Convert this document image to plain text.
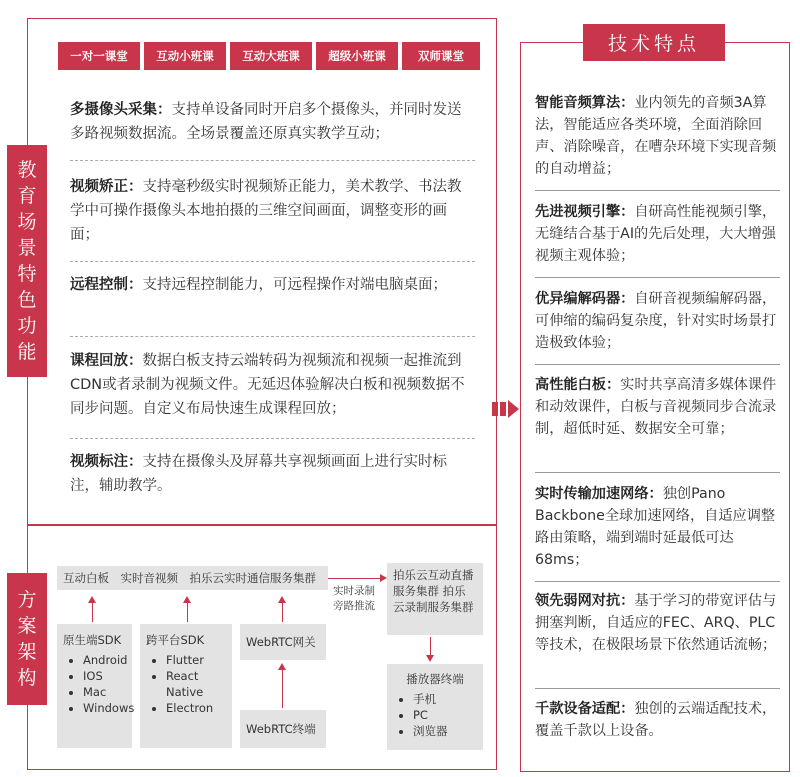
教育场景特色功能
一对一课堂 互动小班课 互动大班课 超级小班课	双师课堂
多摄像头采集：支持单设备同时开启多个摄像头，并同时发送多路视频数据流。全场景覆盖还原真实教学互动；
视频矫正：支持毫秒级实时视频矫正能力，美术教学、书法教学中可操作摄像头本地拍摄的三维空间画面，调整变形的画面；
远程控制：支持远程控制能力，可远程操作对端电脑桌面；
课程回放：数据白板支持云端转码为视频流和视频一起推流到CDN或者录制为视频文件。无延迟体验解决白板和视频数据不同步问题。自定义布局快速生成课程回放；
视频标注：支持在摄像头及屏幕共享视频画面上进行实时标注，辅助教学。
方案架构
互动白板　实时音视频　拍乐云实时通信服务集群
实时录制旁路推流
拍乐云互动直播服务集群 拍乐云录制服务集群
原生端SDK
• Android
• IOS
• Mac
• Windows
跨平台SDK
• Flutter
• React Native
• Electron
WebRTC网关
WebRTC终端
播放器终端
• 手机
• PC
• 浏览器
技术特点
智能音频算法：业内领先的音频3A算法，智能适应各类环境，全面消除回声、消除噪音，在嘈杂环境下实现音频的自动增益；
先进视频引擎：自研高性能视频引擎，无缝结合基于AI的先后处理，大大增强视频主观体验；
优异编解码器：自研音视频编解码器，可伸缩的编码复杂度，针对实时场景打造极致体验；
高性能白板：实时共享高清多媒体课件和动效课件，白板与音视频同步合流录制，超低时延、数据安全可靠；
实时传输加速网络：独创Pano Backbone全球加速网络，自适应调整路由策略，端到端时延最低可达68ms；
领先弱网对抗：基于学习的带宽评估与拥塞判断，自适应的FEC、ARQ、PLC等技术，在极限场景下依然通话流畅；
千款设备适配：独创的云端适配技术，覆盖千款以上设备。
